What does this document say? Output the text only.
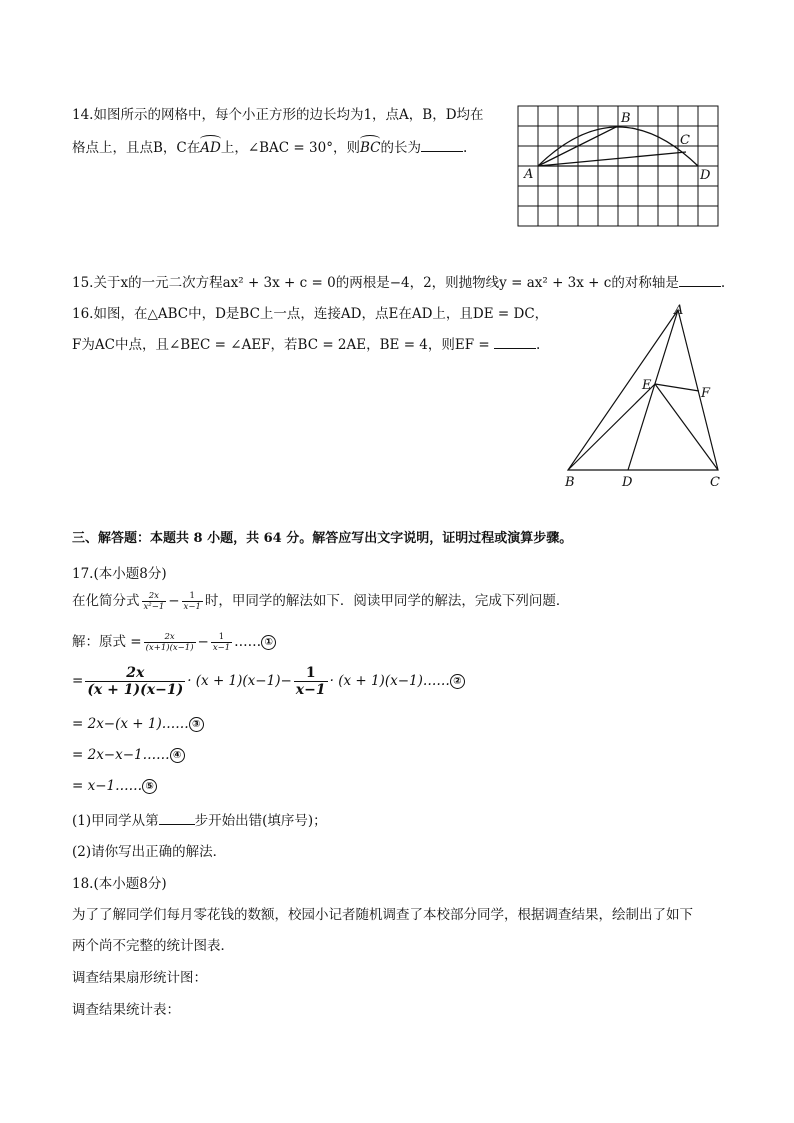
14.如图所示的网格中，每个小正方形的边长均为1，点A，B，D均在
格点上，且点B，C在
AD上，∠BAC = 30°，则
BC的长为	.
A
B
C
D
15.关于x的一元二次方程ax² + 3x + c = 0的两根是−4，2，则抛物线y = ax² + 3x + c的对称轴是	.
16.如图，在△ABC中，D是BC上一点，连接AD，点E在AD上，且DE = DC，
F为AC中点，且∠BEC = ∠AEF，若BC = 2AE，BE = 4，则EF =	.
A
B	C
D
E
F
三、解答题：本题共 8 小题，共 64 分。解答应写出文字说明，证明过程或演算步骤。
17.(本小题8分)
在化简分式 $\frac{2x}{\text{x²−1}} - \frac{1}{x-1}$ 时，甲同学的解法如下．阅读甲同学的解法，完成下列问题．
解：原式 = $\frac{2x}{(x+1)(x-1)} - \frac{1}{x-1}$ …… ①
= $\frac{2x}{(x + 1)(x-1)} \cdot (x + 1)(x-1)- \frac{1}{x-1} \cdot (x$ + 1)(x−1)…… ②
= 2x−(x + 1)…… ③
= 2x−x−1…… ④
= x−1…… ⑤
(1)甲同学从第	步开始出错(填序号)；
(2)请你写出正确的解法．
18.(本小题8分)
为了了解同学们每月零花钱的数额，校园小记者随机调查了本校部分同学，根据调查结果，绘制出了如下
两个尚不完整的统计图表．
调查结果扇形统计图：
调查结果统计表：
